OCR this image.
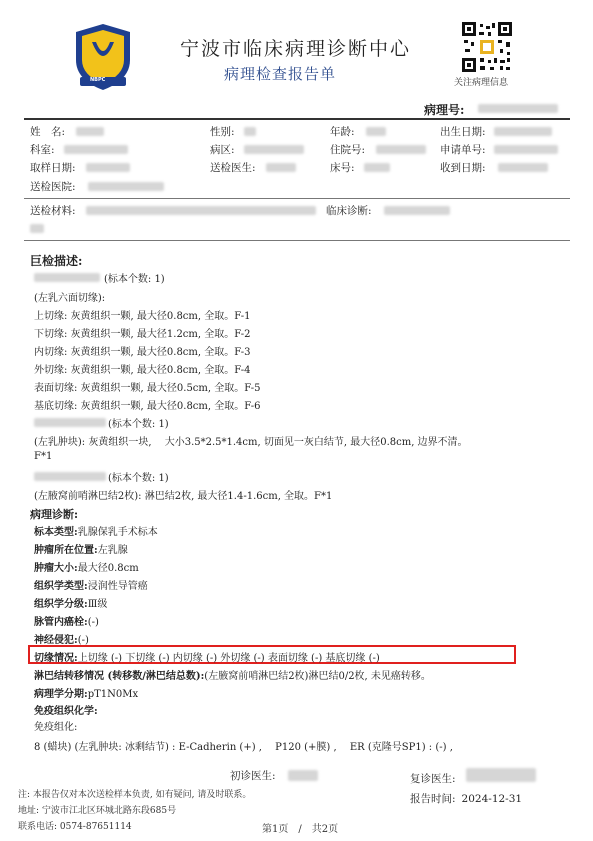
NBPC
宁波市临床病理诊断中心
病理检查报告单	关注病理信息
病理号:
姓　名:	性别:	年龄:	出生日期:
科室:	病区:	住院号:	申请单号:
取样日期:	送检医生:	床号:	收到日期:
送检医院:
送检材料:	临床诊断:
巨检描述:
(标本个数: 1)
(左乳六面切缘):
上切缘: 灰黄组织一颗, 最大径0.8cm, 全取。F-1
下切缘: 灰黄组织一颗, 最大径1.2cm, 全取。F-2
内切缘: 灰黄组织一颗, 最大径0.8cm, 全取。F-3
外切缘: 灰黄组织一颗, 最大径0.8cm, 全取。F-4
表面切缘: 灰黄组织一颗, 最大径0.5cm, 全取。F-5
基底切缘: 灰黄组织一颗, 最大径0.8cm, 全取。F-6
(标本个数: 1)
(左乳肿块): 灰黄组织一块, 　大小3.5*2.5*1.4cm, 切面见一灰白结节, 最大径0.8cm, 边界不清。
F*1
(标本个数: 1)
(左腋窝前哨淋巴结2枚): 淋巴结2枚, 最大径1.4-1.6cm, 全取。F*1
病理诊断:
标本类型:乳腺保乳手术标本
肿瘤所在位置:左乳腺
肿瘤大小:最大径0.8cm
组织学类型:浸润性导管癌
组织学分级:Ⅲ级
脉管内癌栓:(-)
神经侵犯:(-)
切缘情况:上切缘 (-) 下切缘 (-) 内切缘 (-) 外切缘 (-) 表面切缘 (-) 基底切缘 (-)
淋巴结转移情况 (转移数/淋巴结总数):(左腋窝前哨淋巴结2枚)淋巴结0/2枚, 未见癌转移。
病理学分期:pT1N0Mx
免疫组织化学:
免疫组化:
8 (蜡块) (左乳肿块: 冰剩结节) : E-Cadherin (+) , 　P120 (+膜) , 　ER (克隆号SP1) : (-) ,
初诊医生:	复诊医生:
报告时间: 2024-12-31
注: 本报告仅对本次送检样本负责, 如有疑问, 请及时联系。
地址: 宁波市江北区环城北路东段685号
联系电话: 0574-87651114	第1页　/　共2页
